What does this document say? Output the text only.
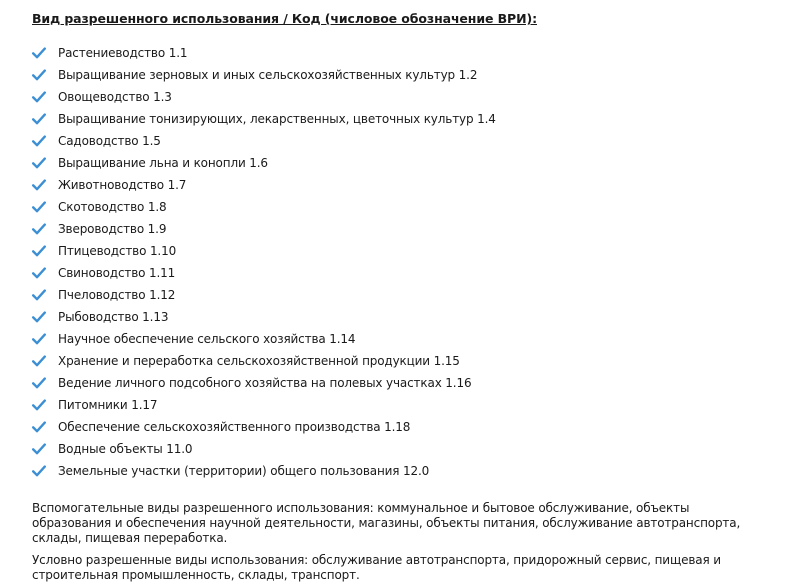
Вид разрешенного использования / Код (числовое обозначение ВРИ):

Растениеводство 1.1
Выращивание зерновых и иных сельскохозяйственных культур 1.2
Овощеводство 1.3
Выращивание тонизирующих, лекарственных, цветочных культур 1.4
Садоводство 1.5
Выращивание льна и конопли 1.6
Животноводство 1.7
Скотоводство 1.8
Звероводство 1.9
Птицеводство 1.10
Свиноводство 1.11
Пчеловодство 1.12
Рыбоводство 1.13
Научное обеспечение сельского хозяйства 1.14
Хранение и переработка сельскохозяйственной продукции 1.15
Ведение личного подсобного хозяйства на полевых участках 1.16
Питомники 1.17
Обеспечение сельскохозяйственного производства 1.18
Водные объекты 11.0
Земельные участки (территории) общего пользования 12.0

Вспомогательные виды разрешенного использования: коммунальное и бытовое обслуживание, объекты образования и обеспечения научной деятельности, магазины, объекты питания, обслуживание автотранспорта, склады, пищевая переработка.

Условно разрешенные виды использования: обслуживание автотранспорта, придорожный сервис, пищевая и строительная промышленность, склады, транспорт.
